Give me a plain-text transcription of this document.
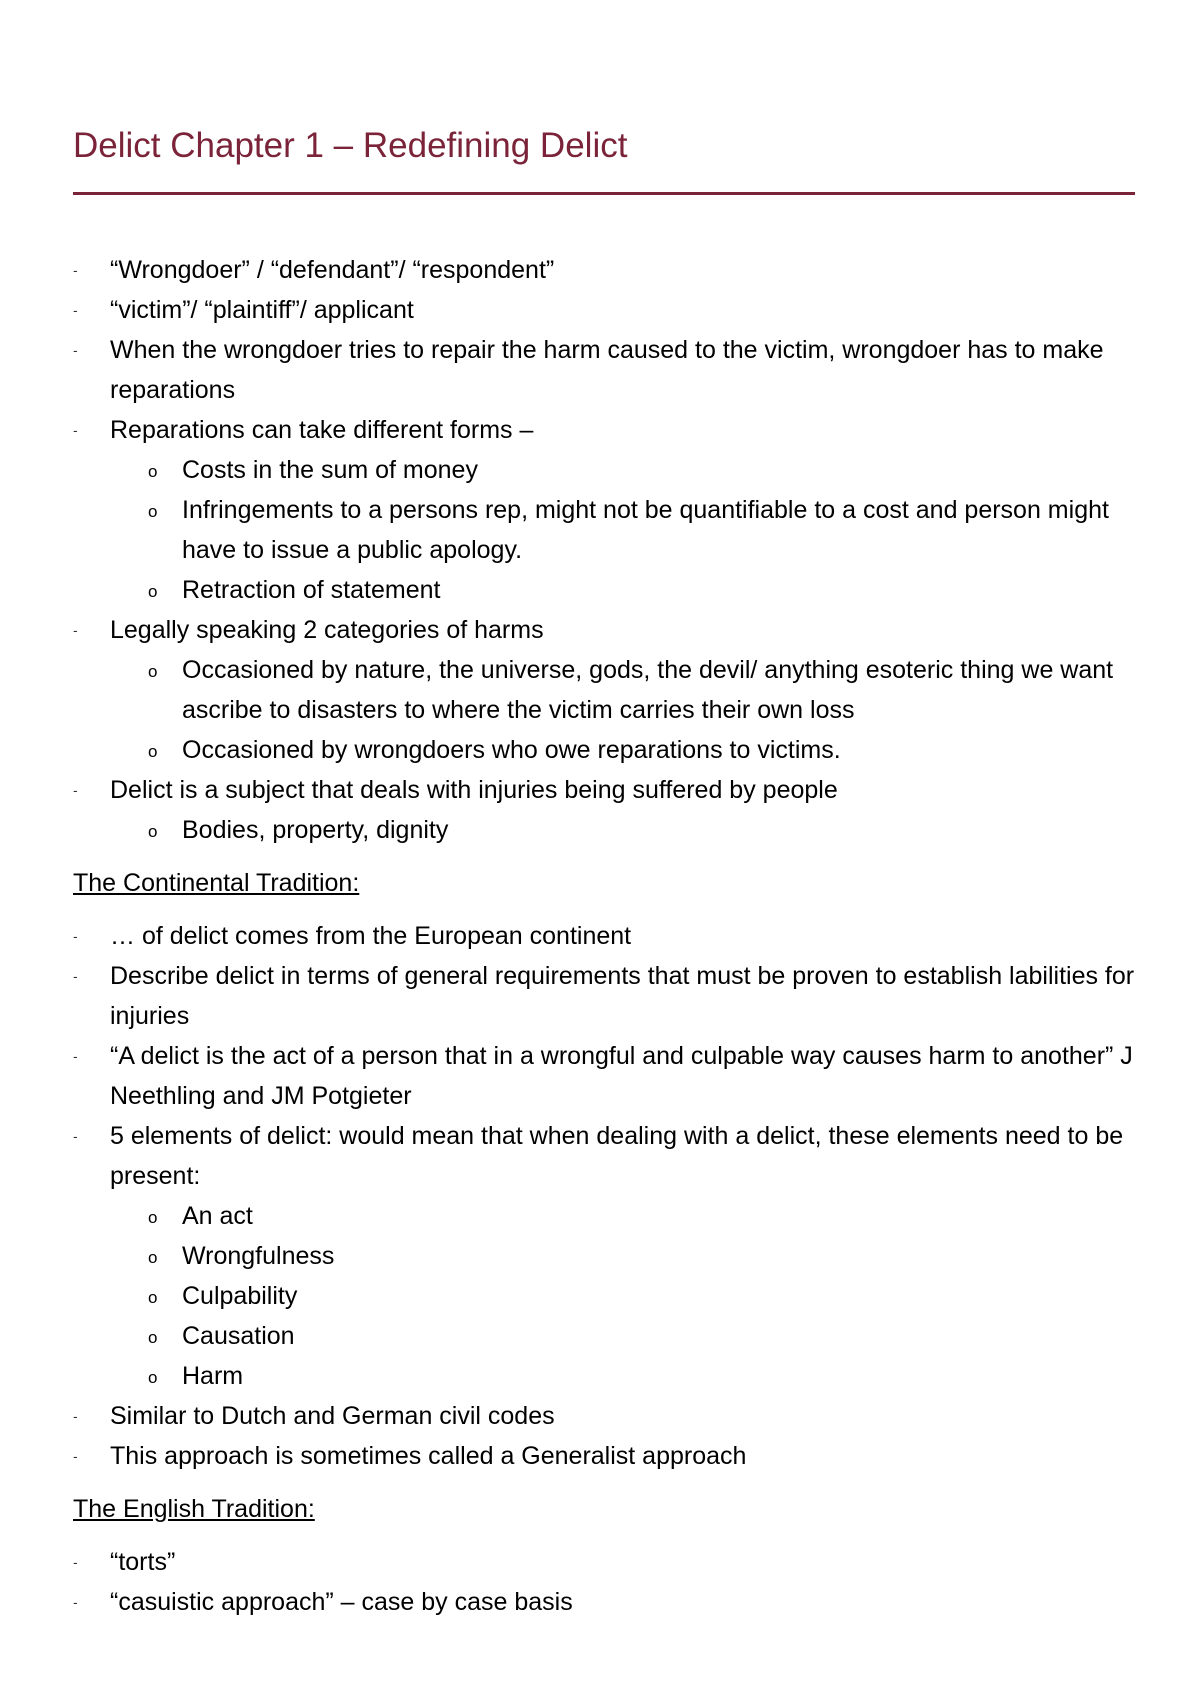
Delict Chapter 1 – Redefining Delict
- “Wrongdoer” / “defendant”/ “respondent”
- “victim”/ “plaintiff”/ applicant
- When the wrongdoer tries to repair the harm caused to the victim, wrongdoer has to make reparations
- Reparations can take different forms –
o Costs in the sum of money
o Infringements to a persons rep, might not be quantifiable to a cost and person might have to issue a public apology.
o Retraction of statement
- Legally speaking 2 categories of harms
o Occasioned by nature, the universe, gods, the devil/ anything esoteric thing we want ascribe to disasters to where the victim carries their own loss
o Occasioned by wrongdoers who owe reparations to victims.
- Delict is a subject that deals with injuries being suffered by people
o Bodies, property, dignity
The Continental Tradition:
- … of delict comes from the European continent
- Describe delict in terms of general requirements that must be proven to establish labilities for injuries
- “A delict is the act of a person that in a wrongful and culpable way causes harm to another” J Neethling and JM Potgieter
- 5 elements of delict: would mean that when dealing with a delict, these elements need to be present:
o An act
o Wrongfulness
o Culpability
o Causation
o Harm
- Similar to Dutch and German civil codes
- This approach is sometimes called a Generalist approach
The English Tradition:
- “torts”
- “casuistic approach” – case by case basis
